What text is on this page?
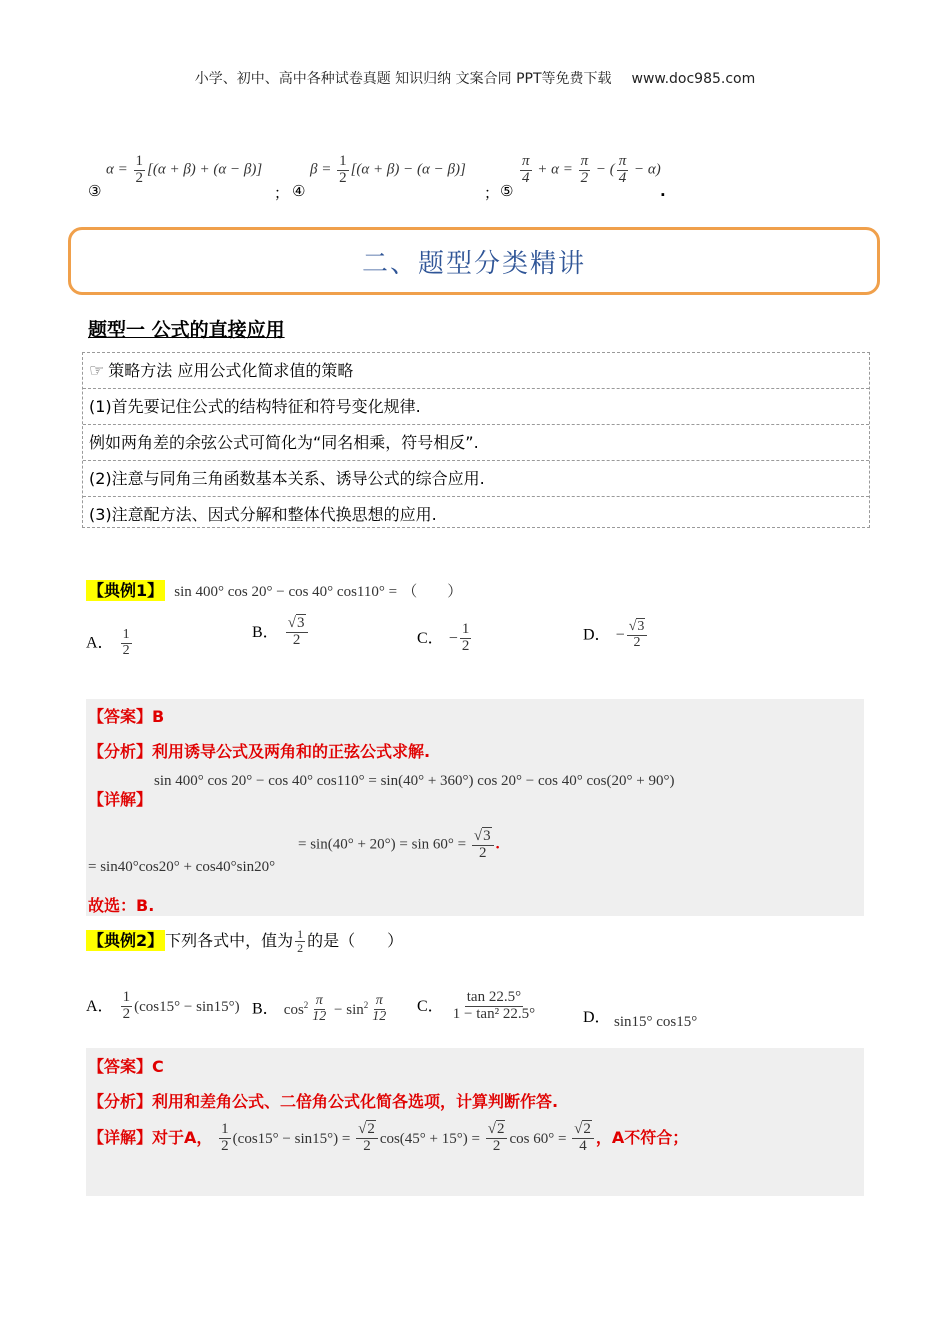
小学、初中、高中各种试卷真题 知识归纳 文案合同 PPT等免费下载 www.doc985.com
③
$\alpha = \frac{1}{2} [(\alpha + \beta) + (\alpha - \beta)]$
； ④
$\beta = \frac{1}{2} [(\alpha + \beta) - (\alpha - \beta)]$
； ⑤
$\frac{\pi}{4} + \alpha = \frac{\pi}{2}$ − ( $\frac{\pi}{4} - \alpha$)
.
二、题型分类精讲
题型一 公式的直接应用
☞ 策略方法 应用公式化简求值的策略
(1)首先要记住公式的结构特征和符号变化规律.
例如两角差的余弦公式可简化为“同名相乘，符号相反”.
(2)注意与同角三角函数基本关系、诱导公式的综合应用.
(3)注意配方法、因式分解和整体代换思想的应用.
【典例1】 sin 400° cos 20° − cos 40° cos110° = （　　）
A． $\frac{1}{2}$	B． $\frac{√3}{2}$	C． − $\frac{1}{2}$	D． − $\frac{√3}{2}$
【答案】B
【分析】利用诱导公式及两角和的正弦公式求解.
【详解】
sin 400° cos 20° − cos 40° cos110° = sin(40° + 360°) cos 20° − cos 40° cos(20° + 90°)
= sin40°cos20° + cos40°sin20°
= $\sin(40^\circ + 20^\circ) = \sin 60^\circ = \frac{√3}{2}$ .
故选：B.
【典例2】 下列各式中，值为 $\frac{1}{2}$ 的是（　　）
A． $\frac{1}{2} (\cos 15^\circ - \sin 15^\circ)$ B． $\cos^2 \frac{\pi}{12} - \sin^2 \frac{\pi}{12}$ C． $\frac{\tan 22.5^\circ}{\text{1 − tan² 22.5°}}$	D． sin15° cos15°
【答案】C
【分析】利用和差角公式、二倍角公式化简各选项，计算判断作答.
【详解】对于A， $\frac{1}{2} (\cos 15^\circ - \sin 15^\circ) = \frac{√2}{2} \cos(45^\circ + 15^\circ) = \frac{√2}{2}$ $\cos 60^\circ = \frac{√2}{4}$ ，A不符合；
